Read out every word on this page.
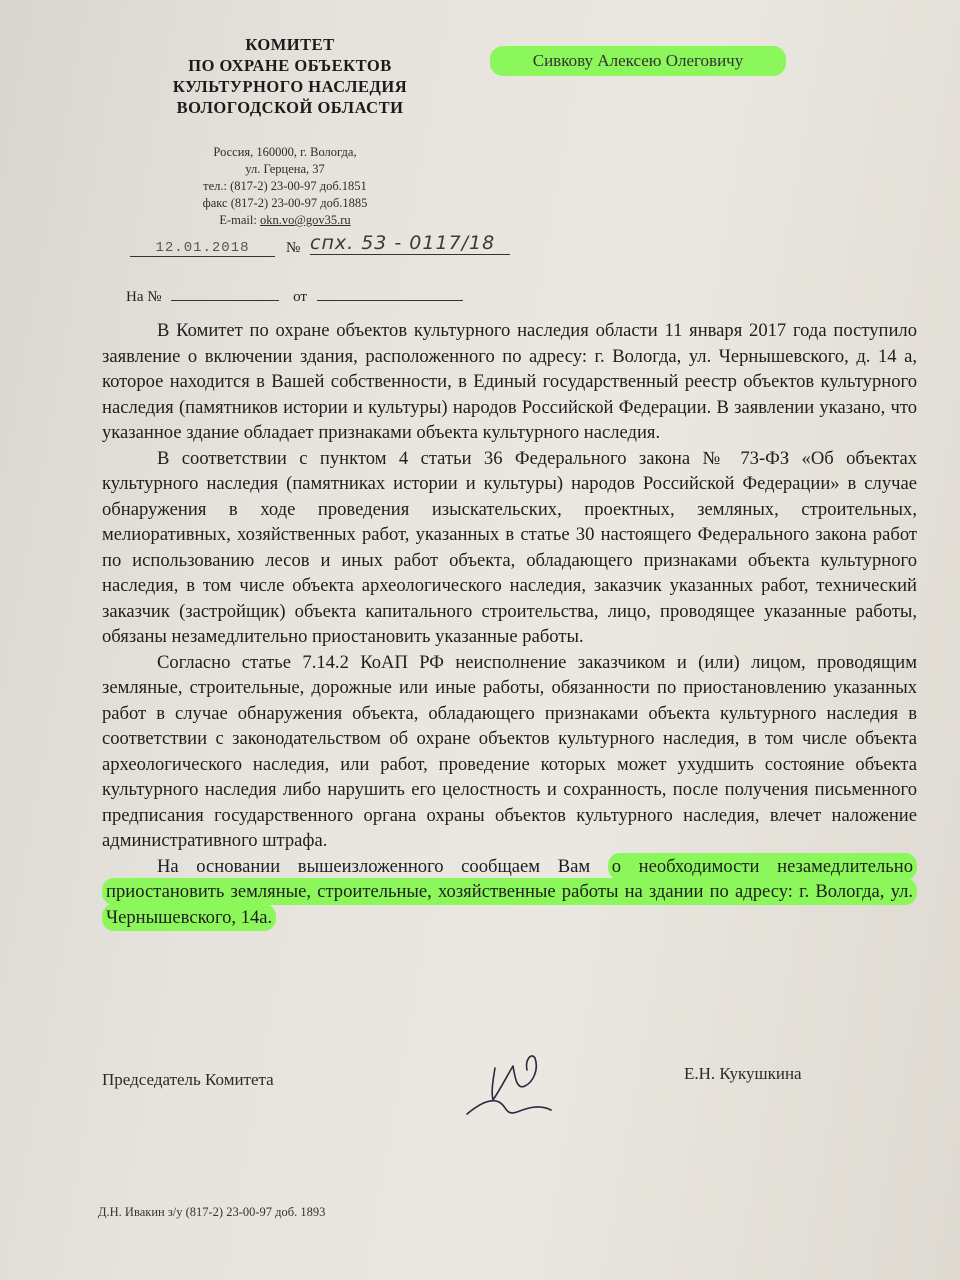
КОМИТЕТ
ПО ОХРАНЕ ОБЪЕКТОВ
КУЛЬТУРНОГО НАСЛЕДИЯ
ВОЛОГОДСКОЙ ОБЛАСТИ
Россия, 160000, г. Вологда,
ул. Герцена, 37
тел.: (817-2) 23-00-97 доб.1851
факс (817-2) 23-00-97 доб.1885
E-mail: okn.vo@gov35.ru
Сивкову Алексею Олеговичу
12.01.2018	№ спх. 53 - 0117/18
На №	от

В Комитет по охране объектов культурного наследия области 11 января 2017 года поступило заявление о включении здания, расположенного по адресу: г. Вологда, ул. Чернышевского, д. 14 а, которое находится в Вашей собственности, в Единый государственный реестр объектов культурного наследия (памятников истории и культуры) народов Российской Федерации. В заявлении указано, что указанное здание обладает признаками объекта культурного наследия.

В соответствии с пунктом 4 статьи 36 Федерального закона № 73-ФЗ «Об объектах культурного наследия (памятниках истории и культуры) народов Российской Федерации» в случае обнаружения в ходе проведения изыскательских, проектных, земляных, строительных, мелиоративных, хозяйственных работ, указанных в статье 30 настоящего Федерального закона работ по использованию лесов и иных работ объекта, обладающего признаками объекта культурного наследия, в том числе объекта археологического наследия, заказчик указанных работ, технический заказчик (застройщик) объекта капитального строительства, лицо, проводящее указанные работы, обязаны незамедлительно приостановить указанные работы.

Согласно статье 7.14.2 КоАП РФ неисполнение заказчиком и (или) лицом, проводящим земляные, строительные, дорожные или иные работы, обязанности по приостановлению указанных работ в случае обнаружения объекта, обладающего признаками объекта культурного наследия в соответствии с законодательством об охране объектов культурного наследия, в том числе объекта археологического наследия, или работ, проведение которых может ухудшить состояние объекта культурного наследия либо нарушить его целостность и сохранность, после получения письменного предписания государственного органа охраны объектов культурного наследия, влечет наложение административного штрафа.

На основании вышеизложенного сообщаем Вам о необходимости незамедлительно приостановить земляные, строительные, хозяйственные работы на здании по адресу: г. Вологда, ул. Чернышевского, 14а.

Председатель Комитета	Е.Н. Кукушкина
Д.Н. Ивакин з/у (817-2) 23-00-97 доб. 1893
